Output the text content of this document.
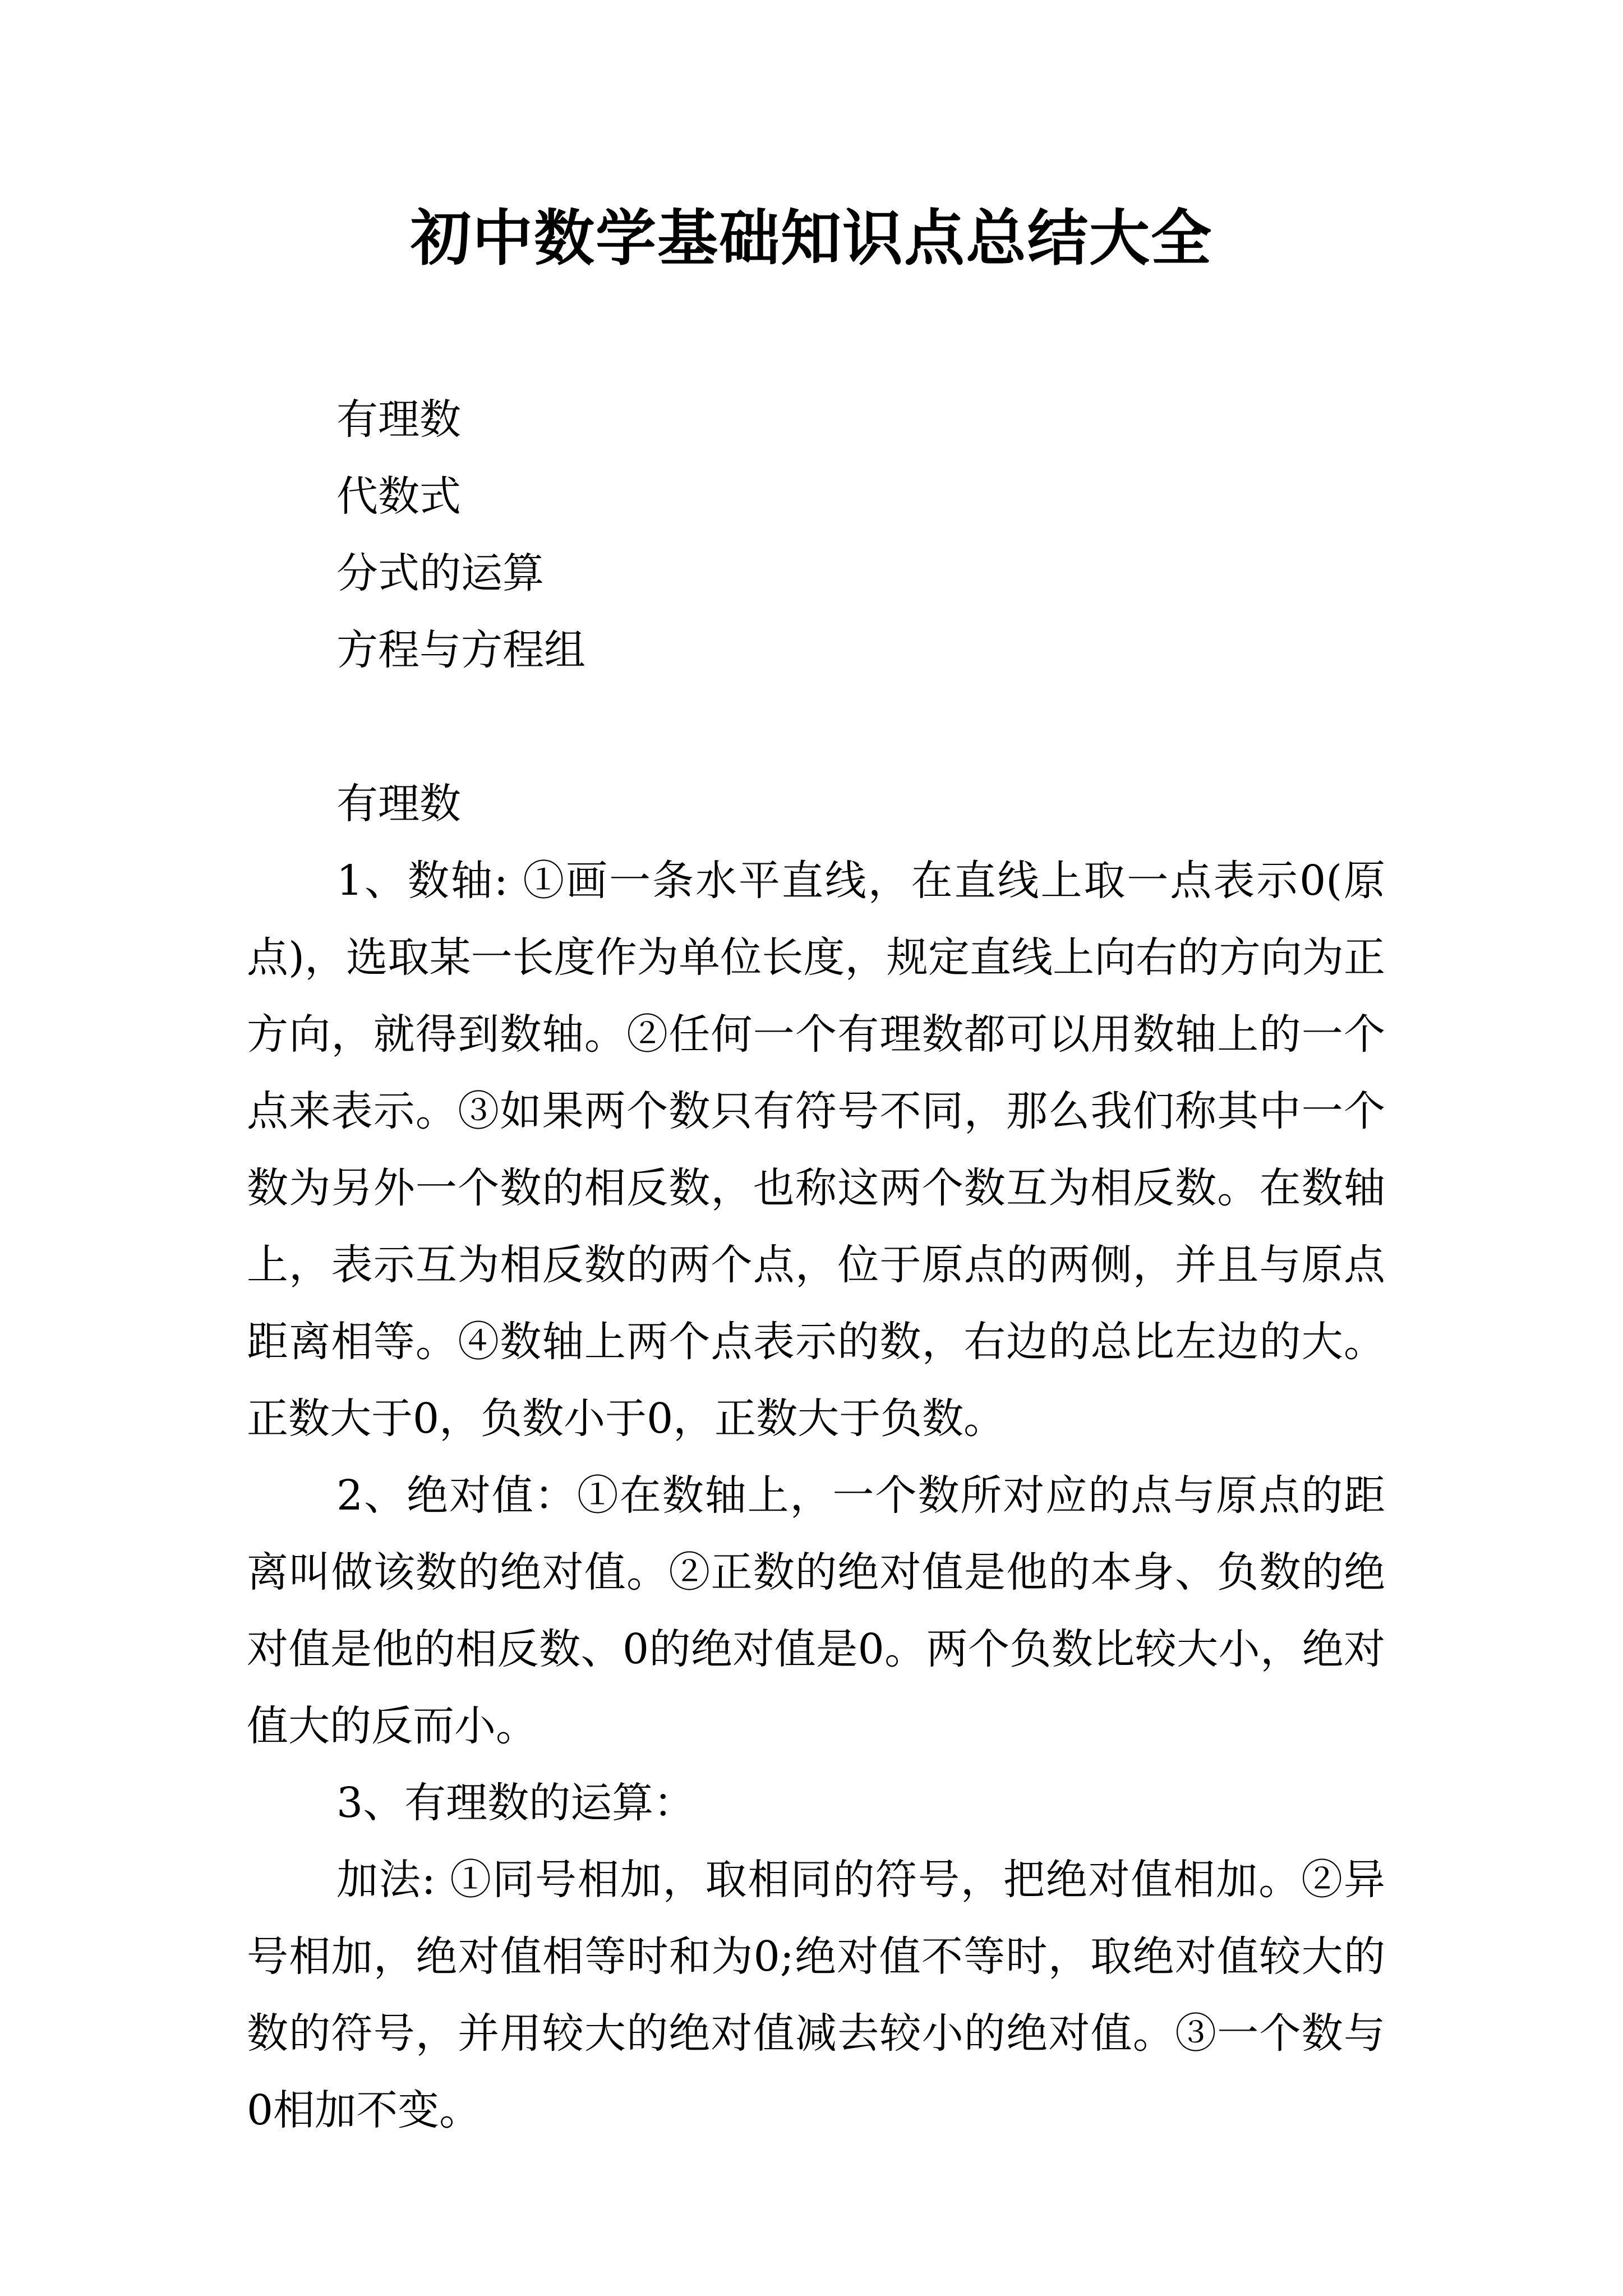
初中数学基础知识点总结大全
有理数
代数式
分式的运算
方程与方程组

有理数

1、数轴: ①画一条水平直线，在直线上取一点表示0(原点)，选取某一长度作为单位长度，规定直线上向右的方向为正方向，就得到数轴。②任何一个有理数都可以用数轴上的一个点来表示。③如果两个数只有符号不同，那么我们称其中一个数为另外一个数的相反数，也称这两个数互为相反数。在数轴上，表示互为相反数的两个点，位于原点的两侧，并且与原点距离相等。④数轴上两个点表示的数，右边的总比左边的大。正数大于0，负数小于0，正数大于负数。

2、绝对值：①在数轴上，一个数所对应的点与原点的距离叫做该数的绝对值。②正数的绝对值是他的本身、负数的绝对值是他的相反数、0的绝对值是0。两个负数比较大小，绝对值大的反而小。

3、有理数的运算：

加法: ①同号相加，取相同的符号，把绝对值相加。②异号相加，绝对值相等时和为0;绝对值不等时，取绝对值较大的数的符号，并用较大的绝对值减去较小的绝对值。③一个数与0相加不变。
